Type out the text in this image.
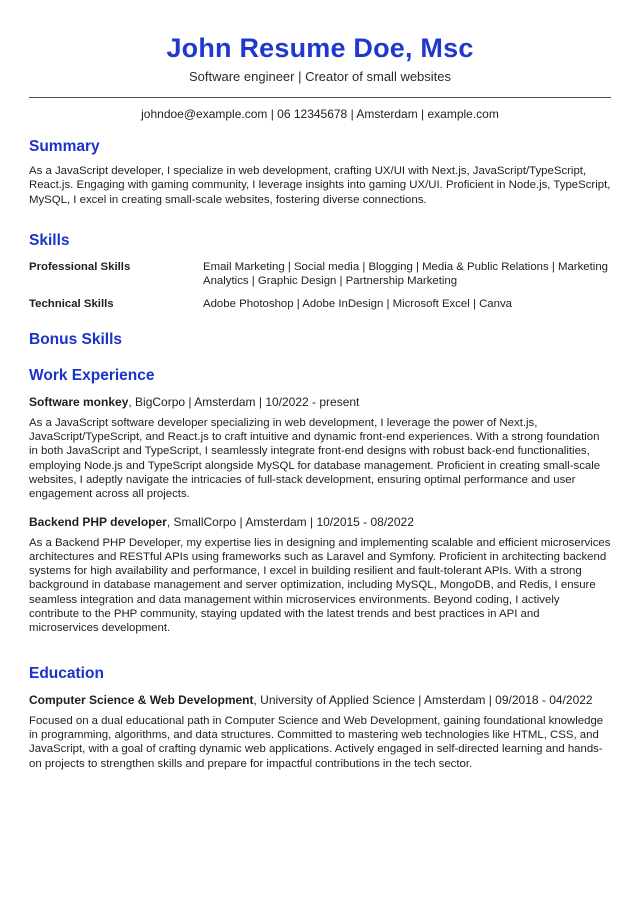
John Resume Doe, Msc
Software engineer | Creator of small websites
johndoe@example.com | 06 12345678 | Amsterdam | example.com
Summary

As a JavaScript developer, I specialize in web development, crafting UX/UI with Next.js, JavaScript/TypeScript, React.js. Engaging with gaming community, I leverage insights into gaming UX/UI. Proficient in Node.js, TypeScript, MySQL, I excel in creating small-scale websites, fostering diverse connections.

Skills
Professional Skills	Email Marketing | Social media | Blogging | Media & Public Relations | Marketing Analytics | Graphic Design | Partnership Marketing
Technical Skills	Adobe Photoshop | Adobe InDesign | Microsoft Excel | Canva
Bonus Skills
Work Experience

Software monkey, BigCorpo | Amsterdam | 10/2022 - present

As a JavaScript software developer specializing in web development, I leverage the power of Next.js, JavaScript/TypeScript, and React.js to craft intuitive and dynamic front-end experiences. With a strong foundation in both JavaScript and TypeScript, I seamlessly integrate front-end designs with robust back-end functionalities, employing Node.js and TypeScript alongside MySQL for database management. Proficient in creating small-scale websites, I adeptly navigate the intricacies of full-stack development, ensuring optimal performance and user engagement across all projects.

Backend PHP developer, SmallCorpo | Amsterdam | 10/2015 - 08/2022

As a Backend PHP Developer, my expertise lies in designing and implementing scalable and efficient microservices architectures and RESTful APIs using frameworks such as Laravel and Symfony. Proficient in architecting backend systems for high availability and performance, I excel in building resilient and fault-tolerant APIs. With a strong background in database management and server optimization, including MySQL, MongoDB, and Redis, I ensure seamless integration and data management within microservices environments. Beyond coding, I actively contribute to the PHP community, staying updated with the latest trends and best practices in API and microservices development.

Education

Computer Science & Web Development, University of Applied Science | Amsterdam | 09/2018 - 04/2022

Focused on a dual educational path in Computer Science and Web Development, gaining foundational knowledge in programming, algorithms, and data structures. Committed to mastering web technologies like HTML, CSS, and JavaScript, with a goal of crafting dynamic web applications. Actively engaged in self-directed learning and hands-on projects to strengthen skills and prepare for impactful contributions in the tech sector.
